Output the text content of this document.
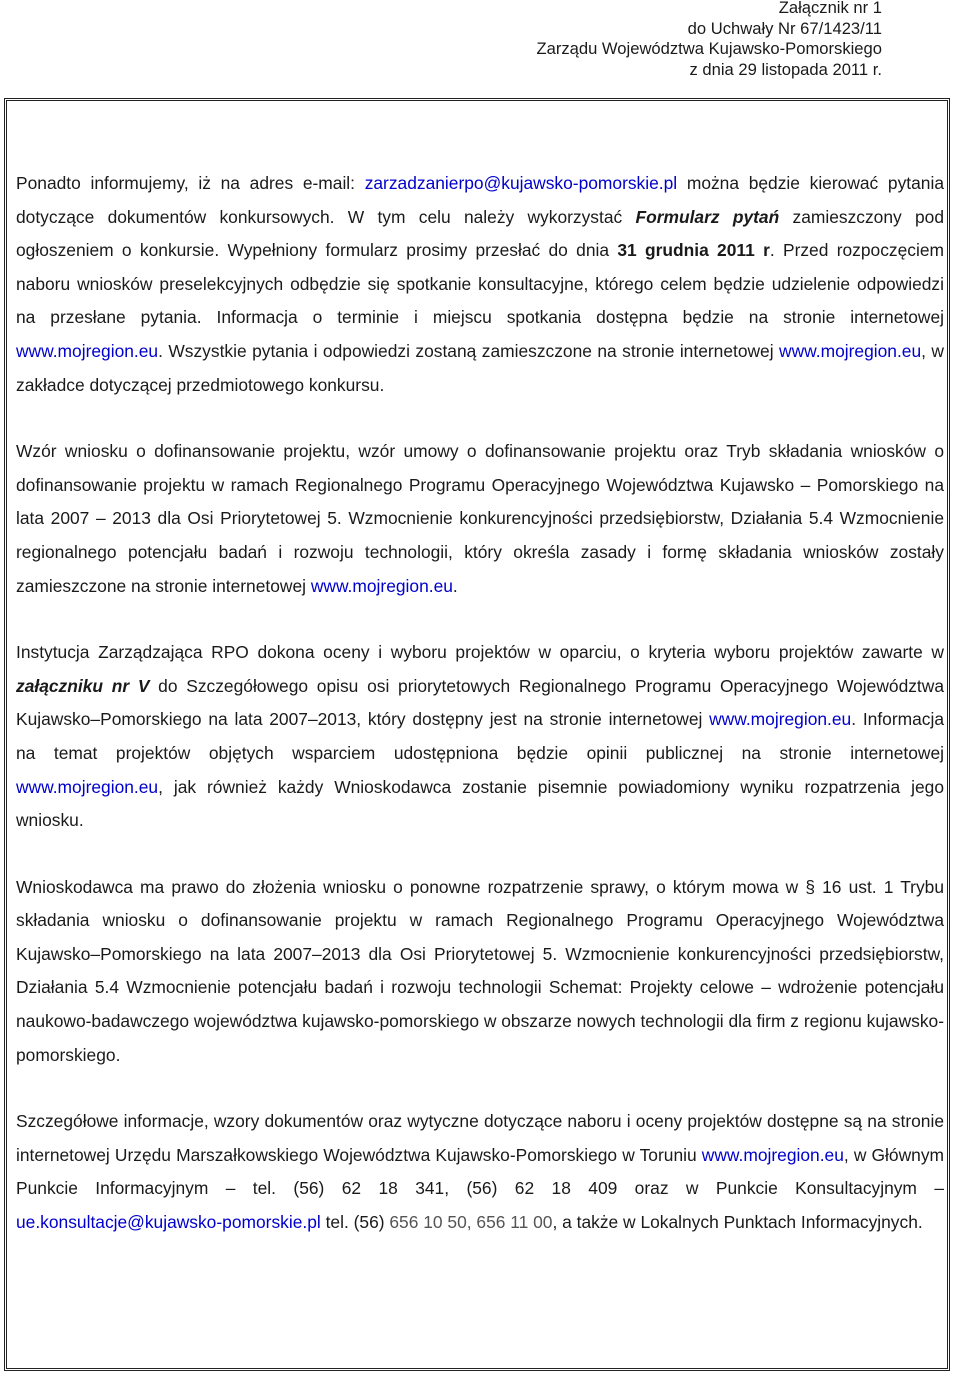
Załącznik nr 1
do Uchwały Nr 67/1423/11
Zarządu Województwa Kujawsko-Pomorskiego
z dnia 29 listopada 2011 r.

Ponadto informujemy, iż na adres e-mail: zarzadzanierpo@kujawsko-pomorskie.pl można będzie kierować pytania dotyczące dokumentów konkursowych. W tym celu należy wykorzystać Formularz pytań zamieszczony pod ogłoszeniem o konkursie. Wypełniony formularz prosimy przesłać do dnia 31 grudnia 2011 r. Przed rozpoczęciem naboru wniosków preselekcyjnych odbędzie się spotkanie konsultacyjne, którego celem będzie udzielenie odpowiedzi na przesłane pytania. Informacja o terminie i miejscu spotkania dostępna będzie na stronie internetowej www.mojregion.eu. Wszystkie pytania i odpowiedzi zostaną zamieszczone na stronie internetowej www.mojregion.eu, w zakładce dotyczącej przedmiotowego konkursu.

Wzór wniosku o dofinansowanie projektu, wzór umowy o dofinansowanie projektu oraz Tryb składania wniosków o dofinansowanie projektu w ramach Regionalnego Programu Operacyjnego Województwa Kujawsko – Pomorskiego na lata 2007 – 2013 dla Osi Priorytetowej 5. Wzmocnienie konkurencyjności przedsiębiorstw, Działania 5.4 Wzmocnienie regionalnego potencjału badań i rozwoju technologii, który określa zasady i formę składania wniosków zostały zamieszczone na stronie internetowej www.mojregion.eu.

Instytucja Zarządzająca RPO dokona oceny i wyboru projektów w oparciu, o kryteria wyboru projektów zawarte w załączniku nr V do Szczegółowego opisu osi priorytetowych Regionalnego Programu Operacyjnego Województwa Kujawsko–Pomorskiego na lata 2007–2013, który dostępny jest na stronie internetowej www.mojregion.eu. Informacja na temat projektów objętych wsparciem udostępniona będzie opinii publicznej na stronie internetowej www.mojregion.eu, jak również każdy Wnioskodawca zostanie pisemnie powiadomiony wyniku rozpatrzenia jego wniosku.

Wnioskodawca ma prawo do złożenia wniosku o ponowne rozpatrzenie sprawy, o którym mowa w § 16 ust. 1 Trybu składania wniosku o dofinansowanie projektu w ramach Regionalnego Programu Operacyjnego Województwa Kujawsko–Pomorskiego na lata 2007–2013 dla Osi Priorytetowej 5. Wzmocnienie konkurencyjności przedsiębiorstw, Działania 5.4 Wzmocnienie potencjału badań i rozwoju technologii Schemat: Projekty celowe – wdrożenie potencjału naukowo-badawczego województwa kujawsko-pomorskiego w obszarze nowych technologii dla firm z regionu kujawsko-pomorskiego.

Szczegółowe informacje, wzory dokumentów oraz wytyczne dotyczące naboru i oceny projektów dostępne są na stronie internetowej Urzędu Marszałkowskiego Województwa Kujawsko-Pomorskiego w Toruniu www.mojregion.eu, w Głównym Punkcie Informacyjnym – tel. (56) 62 18 341, (56) 62 18 409 oraz w Punkcie Konsultacyjnym – ue.konsultacje@kujawsko-pomorskie.pl tel. (56) 656 10 50, 656 11 00, a także w Lokalnych Punktach Informacyjnych.
